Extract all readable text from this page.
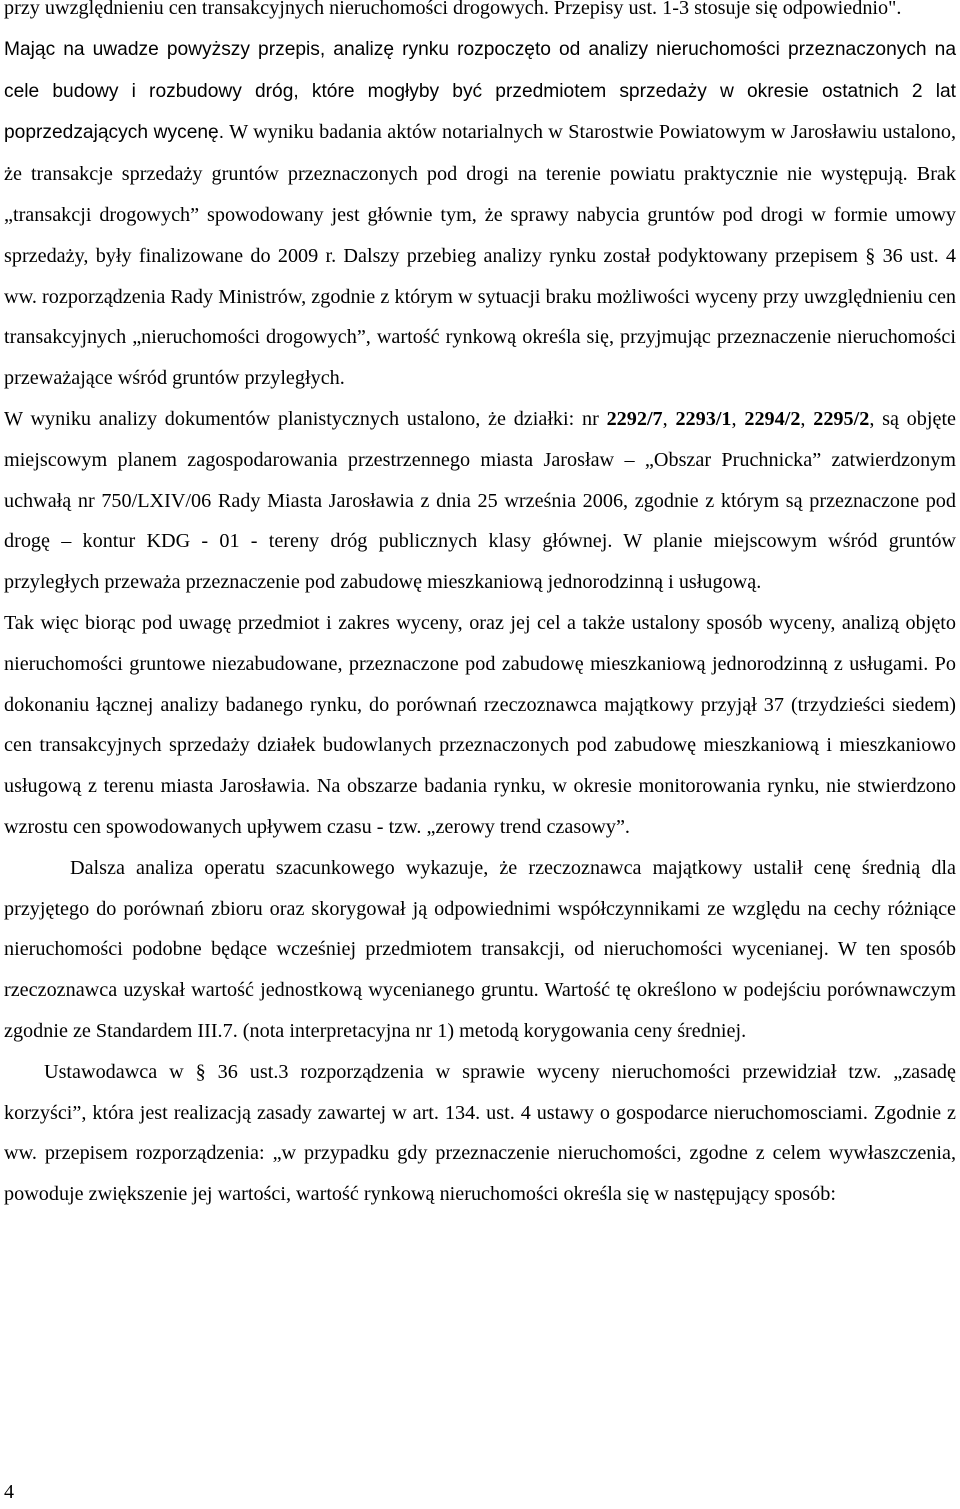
przy uwzględnieniu cen transakcyjnych nieruchomości drogowych. Przepisy ust. 1-3 stosuje się odpowiednio".

Mając na uwadze powyższy przepis, analizę rynku rozpoczęto od analizy nieruchomości przeznaczonych na cele budowy i rozbudowy dróg, które mogłyby być przedmiotem sprzedaży w okresie ostatnich 2 lat poprzedzających wycenę. W wyniku badania aktów notarialnych w Starostwie Powiatowym w Jarosławiu ustalono, że transakcje sprzedaży gruntów przeznaczonych pod drogi na terenie powiatu praktycznie nie występują. Brak „transakcji drogowych” spowodowany jest głównie tym, że sprawy nabycia gruntów pod drogi w formie umowy sprzedaży, były finalizowane do 2009 r. Dalszy przebieg analizy rynku został podyktowany przepisem § 36 ust. 4 ww. rozporządzenia Rady Ministrów, zgodnie z którym w sytuacji braku możliwości wyceny przy uwzględnieniu cen transakcyjnych „nieruchomości drogowych”, wartość rynkową określa się, przyjmując przeznaczenie nieruchomości przeważające wśród gruntów przyległych.

W wyniku analizy dokumentów planistycznych ustalono, że działki: nr 2292/7, 2293/1, 2294/2, 2295/2, są objęte miejscowym planem zagospodarowania przestrzennego miasta Jarosław – „Obszar Pruchnicka” zatwierdzonym uchwałą nr 750/LXIV/06 Rady Miasta Jarosławia z dnia 25 września 2006, zgodnie z którym są przeznaczone pod drogę – kontur KDG - 01 - tereny dróg publicznych klasy głównej. W planie miejscowym wśród gruntów przyległych przeważa przeznaczenie pod zabudowę mieszkaniową jednorodzinną i usługową.

Tak więc biorąc pod uwagę przedmiot i zakres wyceny, oraz jej cel a także ustalony sposób wyceny, analizą objęto nieruchomości gruntowe niezabudowane, przeznaczone pod zabudowę mieszkaniową jednorodzinną z usługami. Po dokonaniu łącznej analizy badanego rynku, do porównań rzeczoznawca majątkowy przyjął 37 (trzydzieści siedem) cen transakcyjnych sprzedaży działek budowlanych przeznaczonych pod zabudowę mieszkaniową i mieszkaniowo usługową z terenu miasta Jarosławia. Na obszarze badania rynku, w okresie monitorowania rynku, nie stwierdzono wzrostu cen spowodowanych upływem czasu - tzw. „zerowy trend czasowy”.

Dalsza analiza operatu szacunkowego wykazuje, że rzeczoznawca majątkowy ustalił cenę średnią dla przyjętego do porównań zbioru oraz skorygował ją odpowiednimi współczynnikami ze względu na cechy różniące nieruchomości podobne będące wcześniej przedmiotem transakcji, od nieruchomości wycenianej. W ten sposób rzeczoznawca uzyskał wartość jednostkową wycenianego gruntu. Wartość tę określono w podejściu porównawczym zgodnie ze Standardem III.7. (nota interpretacyjna nr 1) metodą korygowania ceny średniej.

Ustawodawca w § 36 ust.3 rozporządzenia w sprawie wyceny nieruchomości przewidział tzw. „zasadę korzyści”, która jest realizacją zasady zawartej w art. 134. ust. 4 ustawy o gospodarce nieruchomosciami. Zgodnie z ww. przepisem rozporządzenia: „w przypadku gdy przeznaczenie nieruchomości, zgodne z celem wywłaszczenia, powoduje zwiększenie jej wartości, wartość rynkową nieruchomości określa się w następujący sposób:

4
